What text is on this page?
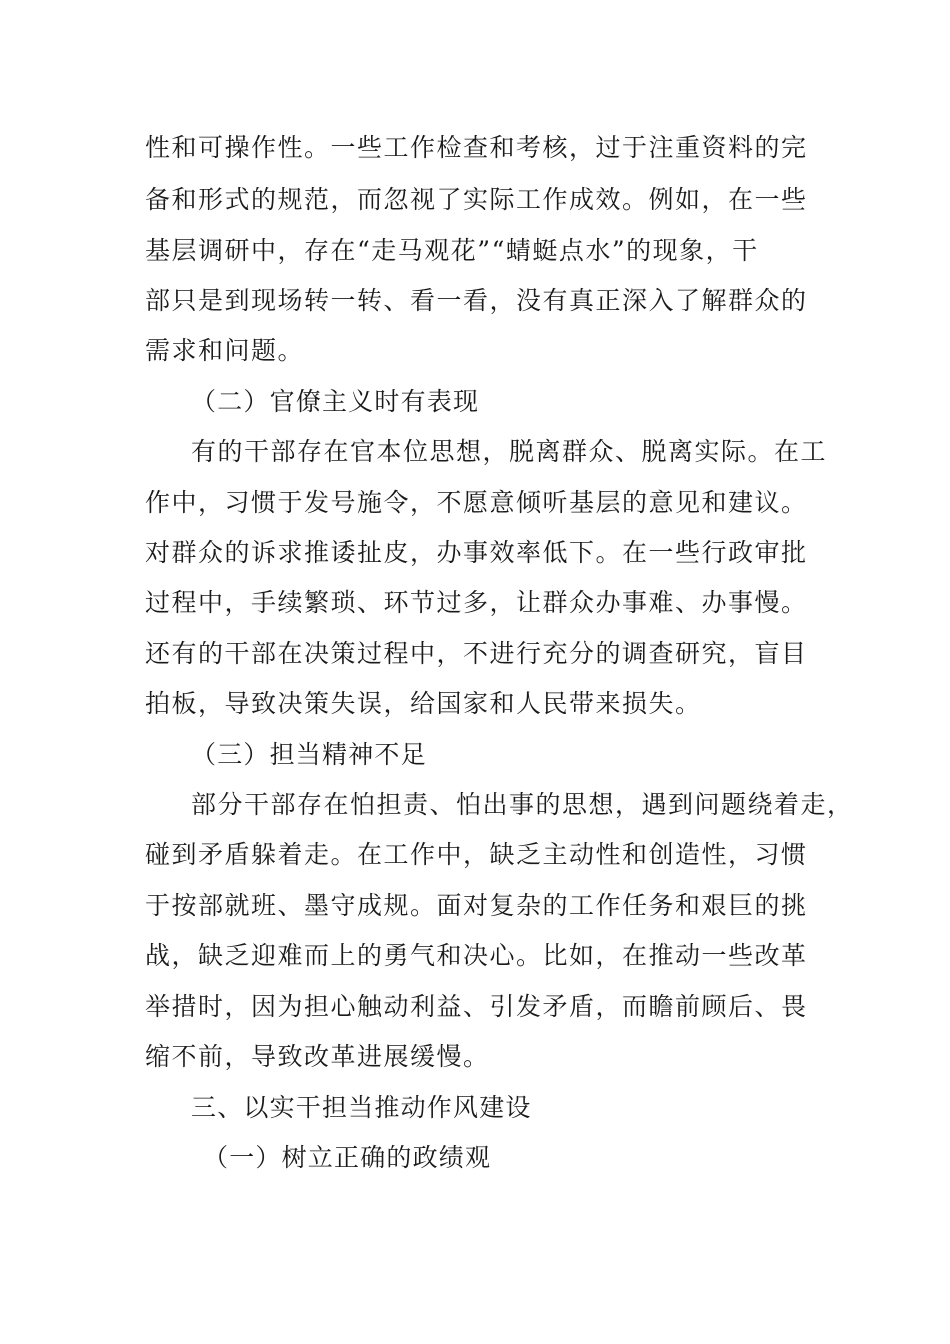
性和可操作性。一些工作检查和考核，过于注重资料的完
备和形式的规范，而忽视了实际工作成效。例如，在一些
基层调研中，存在“走马观花”“蜻蜓点水”的现象，干
部只是到现场转一转、看一看，没有真正深入了解群众的
需求和问题。
（二）官僚主义时有表现
有的干部存在官本位思想，脱离群众、脱离实际。在工
作中，习惯于发号施令，不愿意倾听基层的意见和建议。
对群众的诉求推诿扯皮，办事效率低下。在一些行政审批
过程中，手续繁琐、环节过多，让群众办事难、办事慢。
还有的干部在决策过程中，不进行充分的调查研究，盲目
拍板，导致决策失误，给国家和人民带来损失。
（三）担当精神不足
部分干部存在怕担责、怕出事的思想，遇到问题绕着走，
碰到矛盾躲着走。在工作中，缺乏主动性和创造性，习惯
于按部就班、墨守成规。面对复杂的工作任务和艰巨的挑
战，缺乏迎难而上的勇气和决心。比如，在推动一些改革
举措时，因为担心触动利益、引发矛盾，而瞻前顾后、畏
缩不前，导致改革进展缓慢。
三、以实干担当推动作风建设
（一）树立正确的政绩观
